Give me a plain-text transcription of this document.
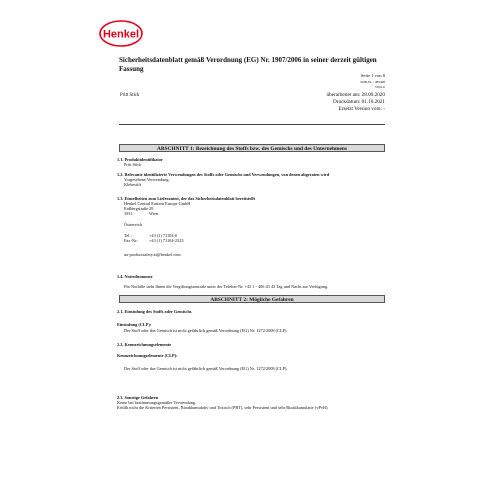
Henkel
Sicherheitsdatenblatt gemäß Verordnung (EG) Nr. 1907/2006 in seiner derzeit gültigen Fassung
Seite 1 von 8
SDB-Nr. : 485498
V001.0
Pritt Stick	überarbeitet am: 28.09.2020
Druckdatum: 01.10.2021
Ersetzt Version vom: -
ABSCHNITT 1: Bezeichnung des Stoffs bzw. des Gemischs und des Unternehmens
1.1. Produktidentifikator
Pritt Stick
1.2. Relevante identifizierte Verwendungen des Stoffs oder Gemischs und Verwendungen, von denen abgeraten wird
Vorgesehene Verwendung:
Klebestift
1.3. Einzelheiten zum Lieferanten, der das Sicherheitsdatenblatt bereitstellt
Henkel Central Eastern Europe GmbH
Erdbergstraße 29
1031	Wien
Österreich
Tel.:	+43 (1) 71104-0
Fax-Nr.: +43 (1) 71104-2323
ua-productsafety.at@henkel.com
1.4. Notrufnummer
Für Notfälle steht Ihnen die Vergiftungszentrale unter der Telefon-Nr. +43 1 - 406 43 43 Tag und Nacht zur Verfügung.
ABSCHNITT 2: Mögliche Gefahren
2.1. Einstufung des Stoffs oder Gemischs
Einstufung (CLP):
Der Stoff oder das Gemisch ist nicht gefährlich gemäß Verordnung (EG) Nr. 1272/2008 (CLP).
2.2. Kennzeichnungselemente
Kennzeichnungselemente (CLP):
Der Stoff oder das Gemisch ist nicht gefährlich gemäß Verordnung (EG) Nr. 1272/2008 (CLP).
2.3. Sonstige Gefahren
Keine bei bestimmungsgemäßer Verwendung.
Erfüllt nicht die Kriterien Persistent, Bioakkumulativ und Toxisch (PBT), sehr Persistent und sehr Bioakkumulativ (vPvB).
